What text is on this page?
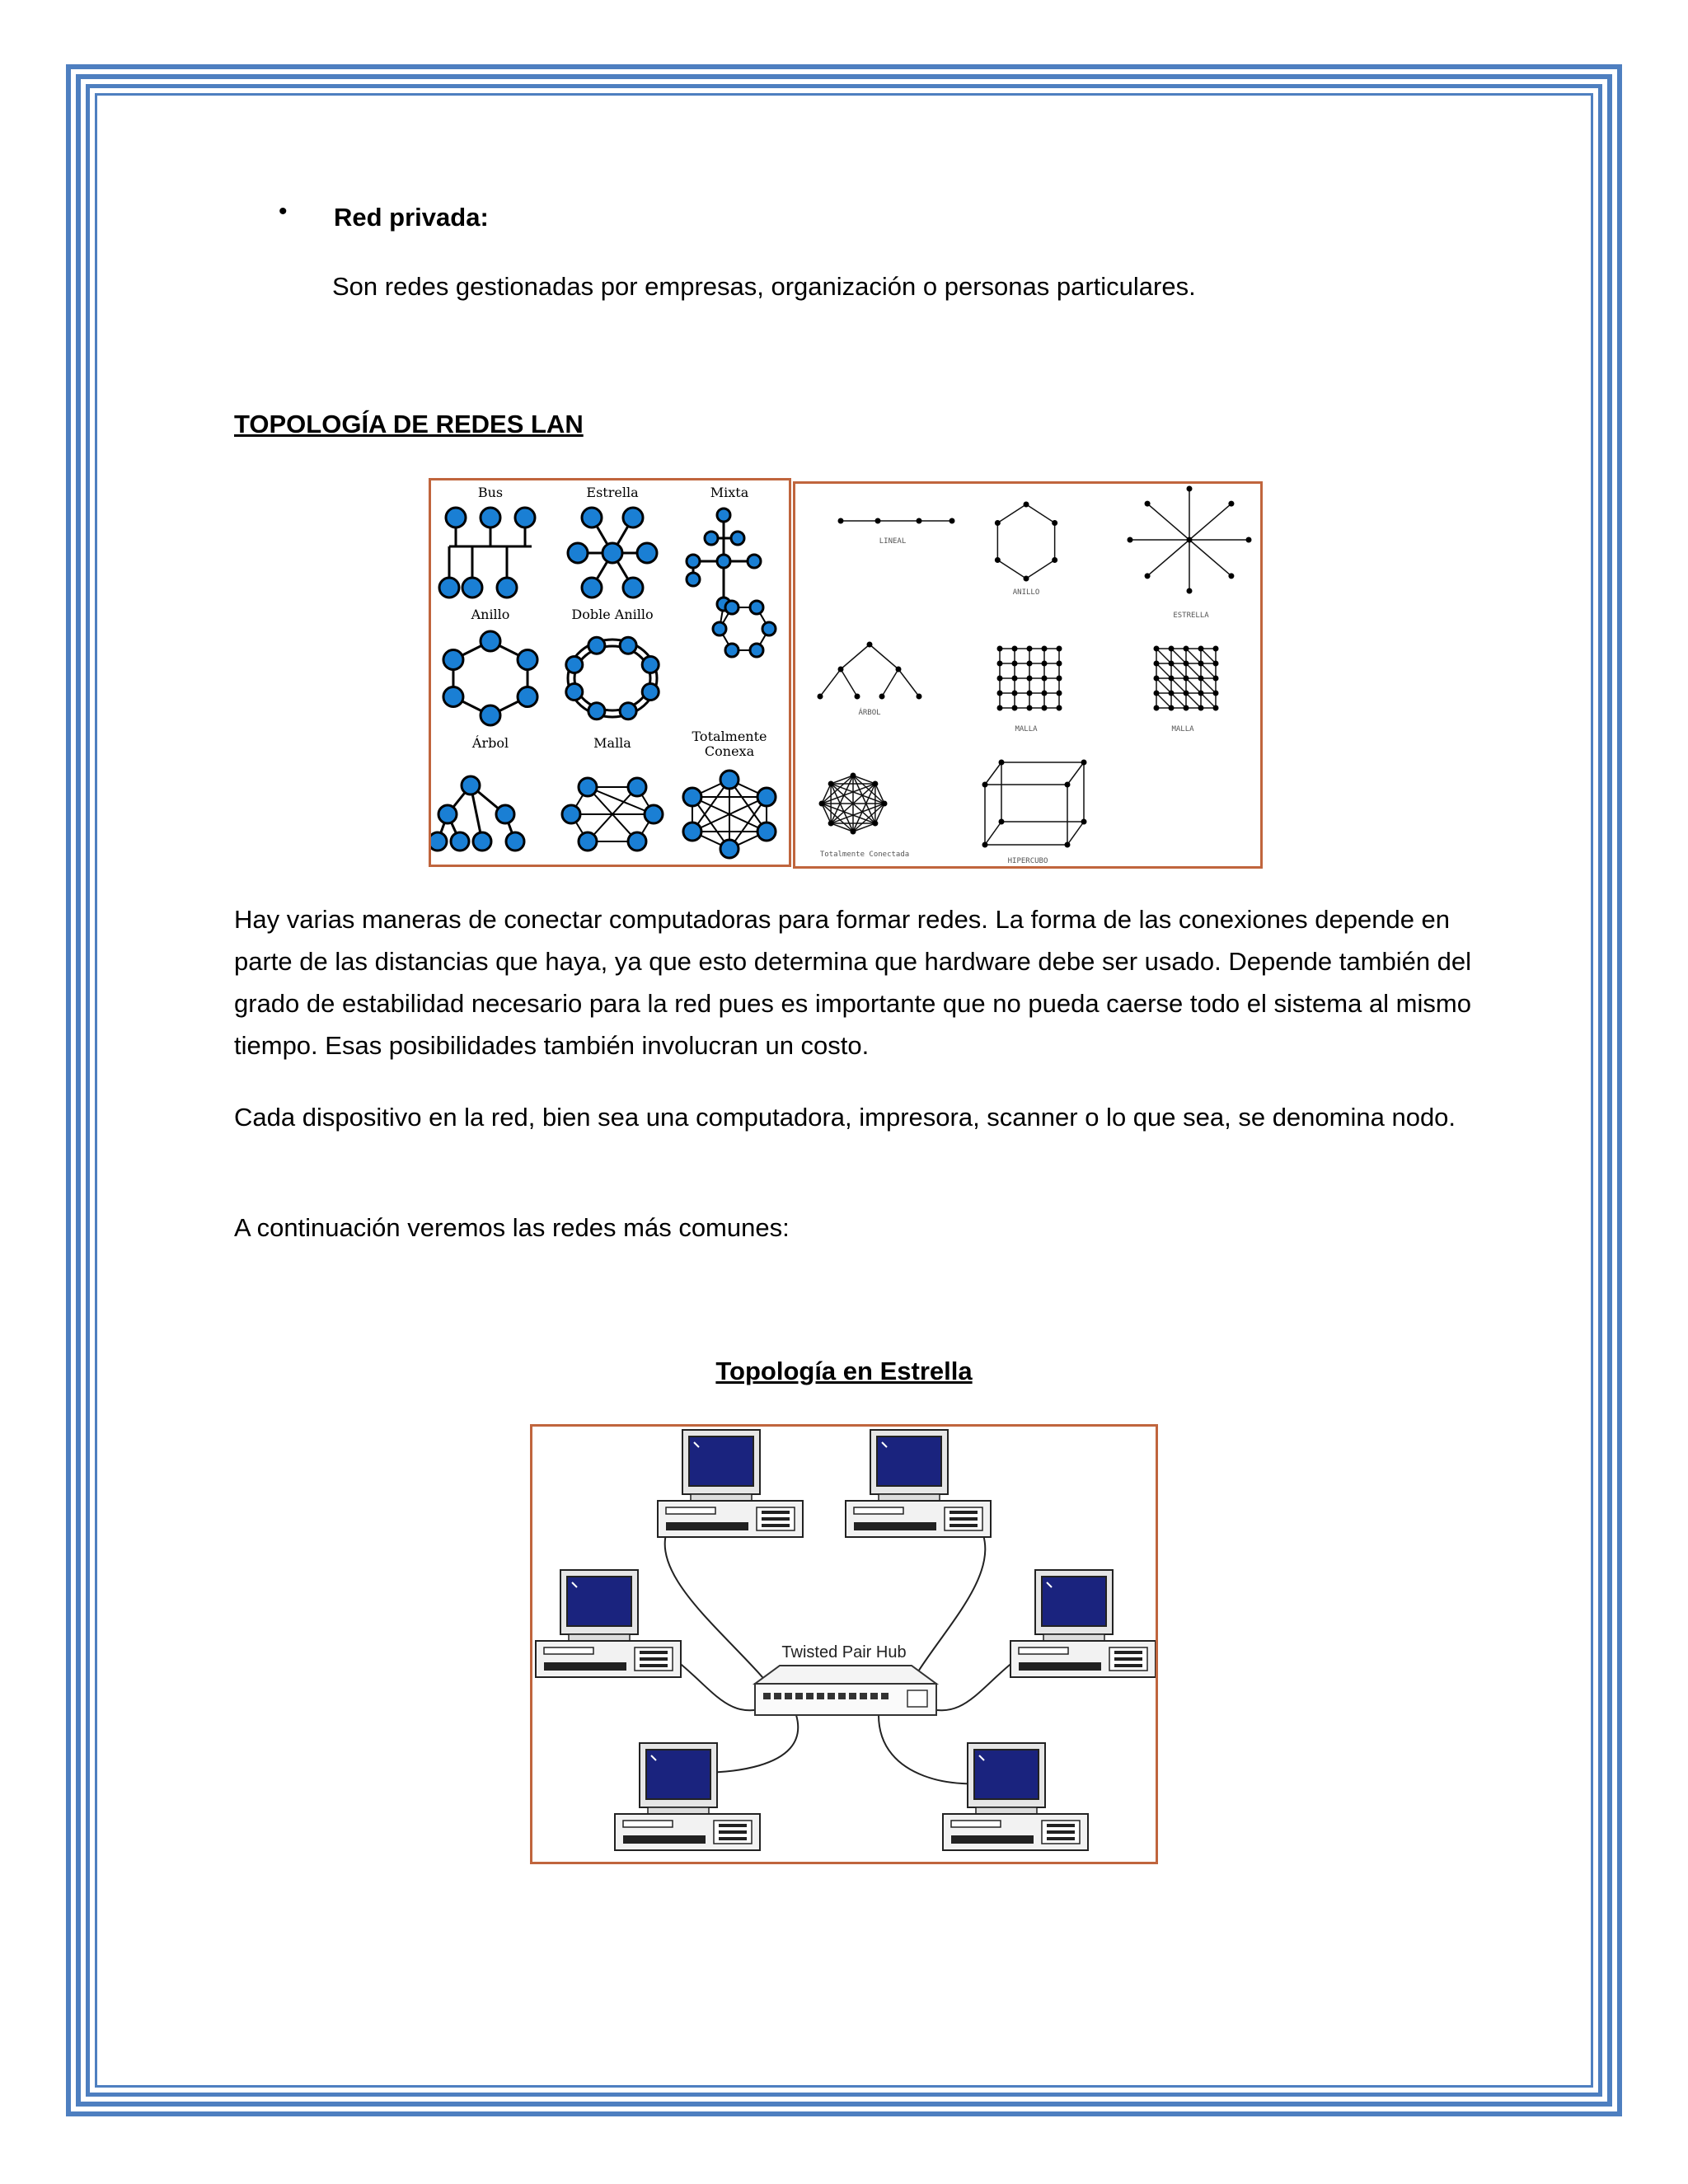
• Red privada:
Son redes gestionadas por empresas, organización o personas particulares.
TOPOLOGÍA DE REDES LAN
Bus	Estrella	Mixta
Anillo	Doble Anillo
Árbol	Malla	Totalmente
Conexa
LINEAL
ANILLO
ESTRELLA
ÁRBOL
MALLA	MALLA
Totalmente Conectada
HIPERCUBO
Hay varias maneras de conectar computadoras para formar redes. La forma de las conexiones depende en parte de las distancias que haya, ya que esto determina que hardware debe ser usado. Depende también del grado de estabilidad necesario para la red pues es importante que no pueda caerse todo el sistema al mismo tiempo. Esas posibilidades también involucran un costo.
Cada dispositivo en la red, bien sea una computadora, impresora, scanner o lo que sea, se denomina nodo.
A continuación veremos las redes más comunes:
Topología en Estrella
Twisted Pair Hub
